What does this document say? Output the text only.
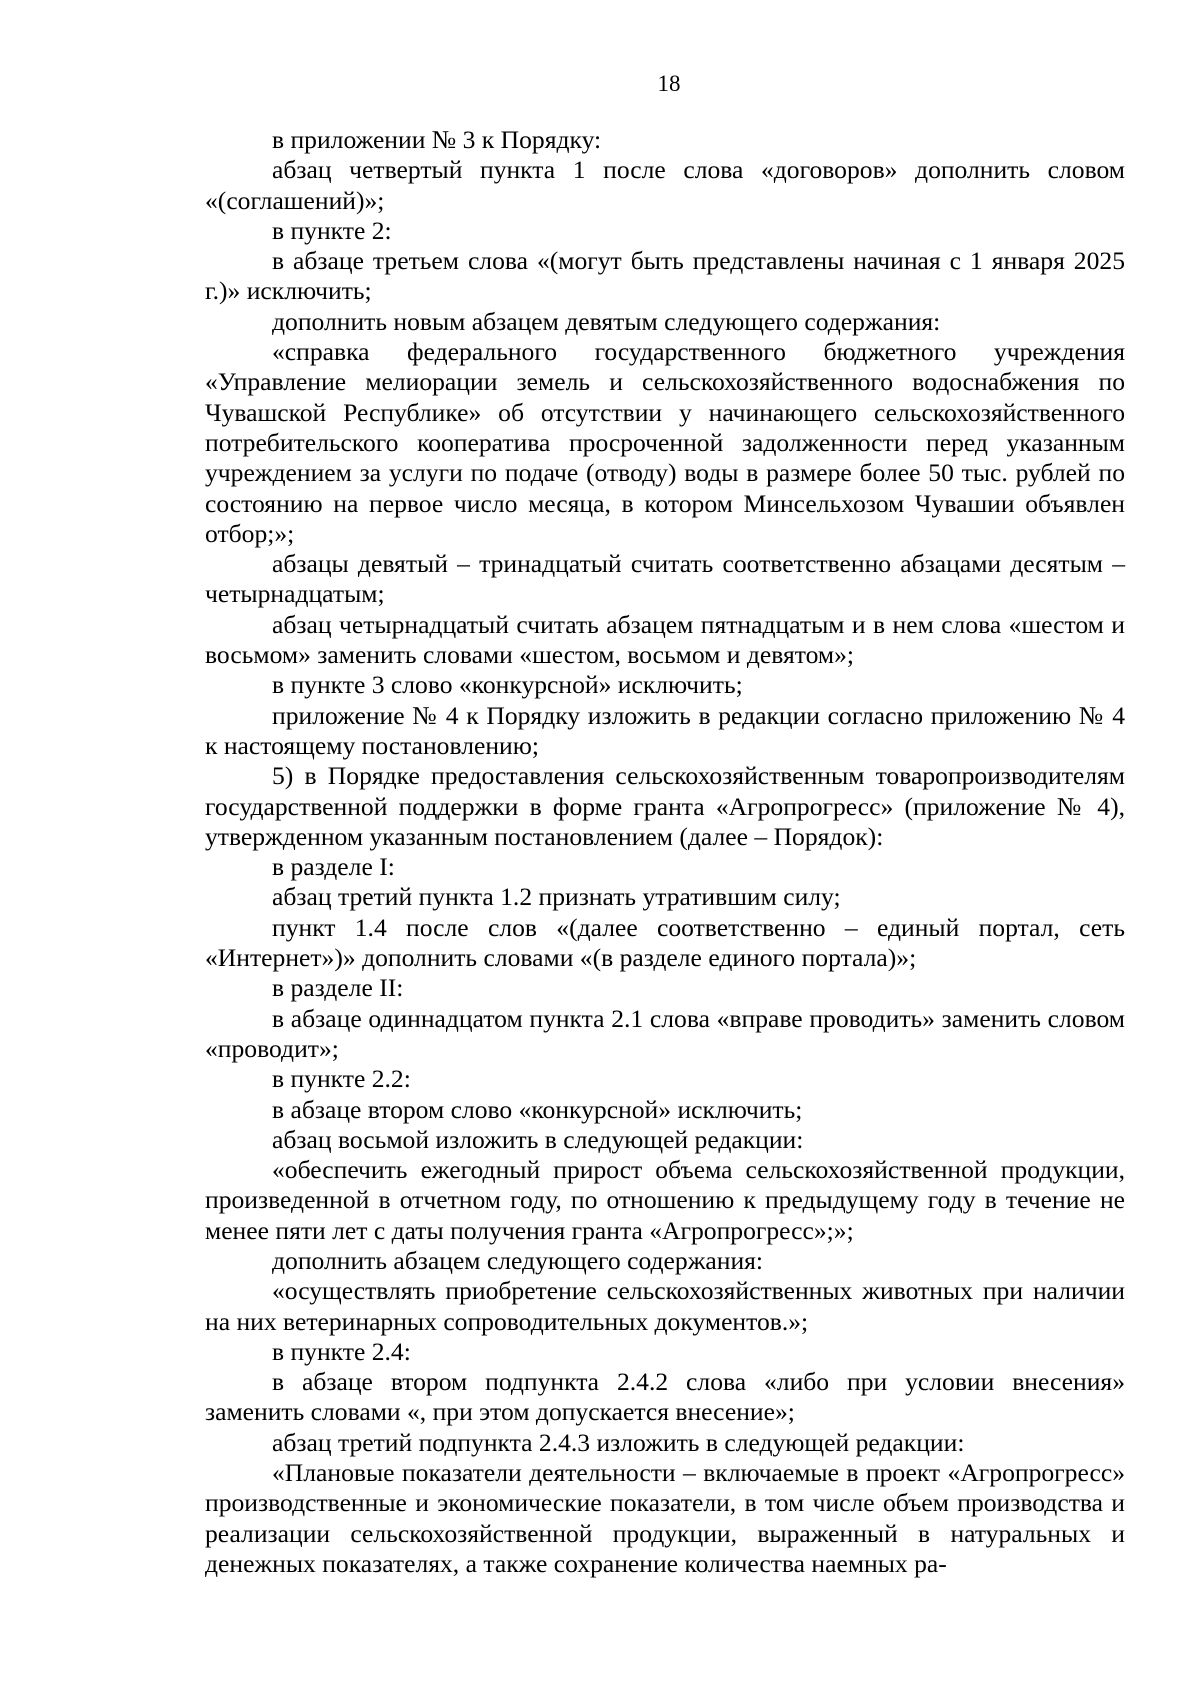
18

в приложении № 3 к Порядку:

абзац четвертый пункта 1 после слова «договоров» дополнить словом «(соглашений)»;

в пункте 2:

в абзаце третьем слова «(могут быть представлены начиная с 1 января 2025 г.)» исключить;

дополнить новым абзацем девятым следующего содержания:

«справка федерального государственного бюджетного учреждения «Управление мелиорации земель и сельскохозяйственного водоснабжения по Чувашской Республике» об отсутствии у начинающего сельскохозяйственного потребительского кооператива просроченной задолженности перед указанным учреждением за услуги по подаче (отводу) воды в размере более 50 тыс. рублей по состоянию на первое число месяца, в котором Минсельхозом Чувашии объявлен отбор;»;

абзацы девятый – тринадцатый считать соответственно абзацами десятым – четырнадцатым;

абзац четырнадцатый считать абзацем пятнадцатым и в нем слова «шестом и восьмом» заменить словами «шестом, восьмом и девятом»;

в пункте 3 слово «конкурсной» исключить;

приложение № 4 к Порядку изложить в редакции согласно приложению № 4 к настоящему постановлению;

5) в Порядке предоставления сельскохозяйственным товаропроизводителям государственной поддержки в форме гранта «Агропрогресс» (приложение № 4), утвержденном указанным постановлением (далее – Порядок):

в разделе I:

абзац третий пункта 1.2 признать утратившим силу;

пункт 1.4 после слов «(далее соответственно – единый портал, сеть «Интернет»)» дополнить словами «(в разделе единого портала)»;

в разделе II:

в абзаце одиннадцатом пункта 2.1 слова «вправе проводить» заменить словом «проводит»;

в пункте 2.2:

в абзаце втором слово «конкурсной» исключить;

абзац восьмой изложить в следующей редакции:

«обеспечить ежегодный прирост объема сельскохозяйственной продукции, произведенной в отчетном году, по отношению к предыдущему году в течение не менее пяти лет с даты получения гранта «Агропрогресс»;»;

дополнить абзацем следующего содержания:

«осуществлять приобретение сельскохозяйственных животных при наличии на них ветеринарных сопроводительных документов.»;

в пункте 2.4:

в абзаце втором подпункта 2.4.2 слова «либо при условии внесения» заменить словами «, при этом допускается внесение»;

абзац третий подпункта 2.4.3 изложить в следующей редакции:

«Плановые показатели деятельности – включаемые в проект «Агропрогресс» производственные и экономические показатели, в том числе объем производства и реализации сельскохозяйственной продукции, выраженный в натуральных и денежных показателях, а также сохранение количества наемных ра-
